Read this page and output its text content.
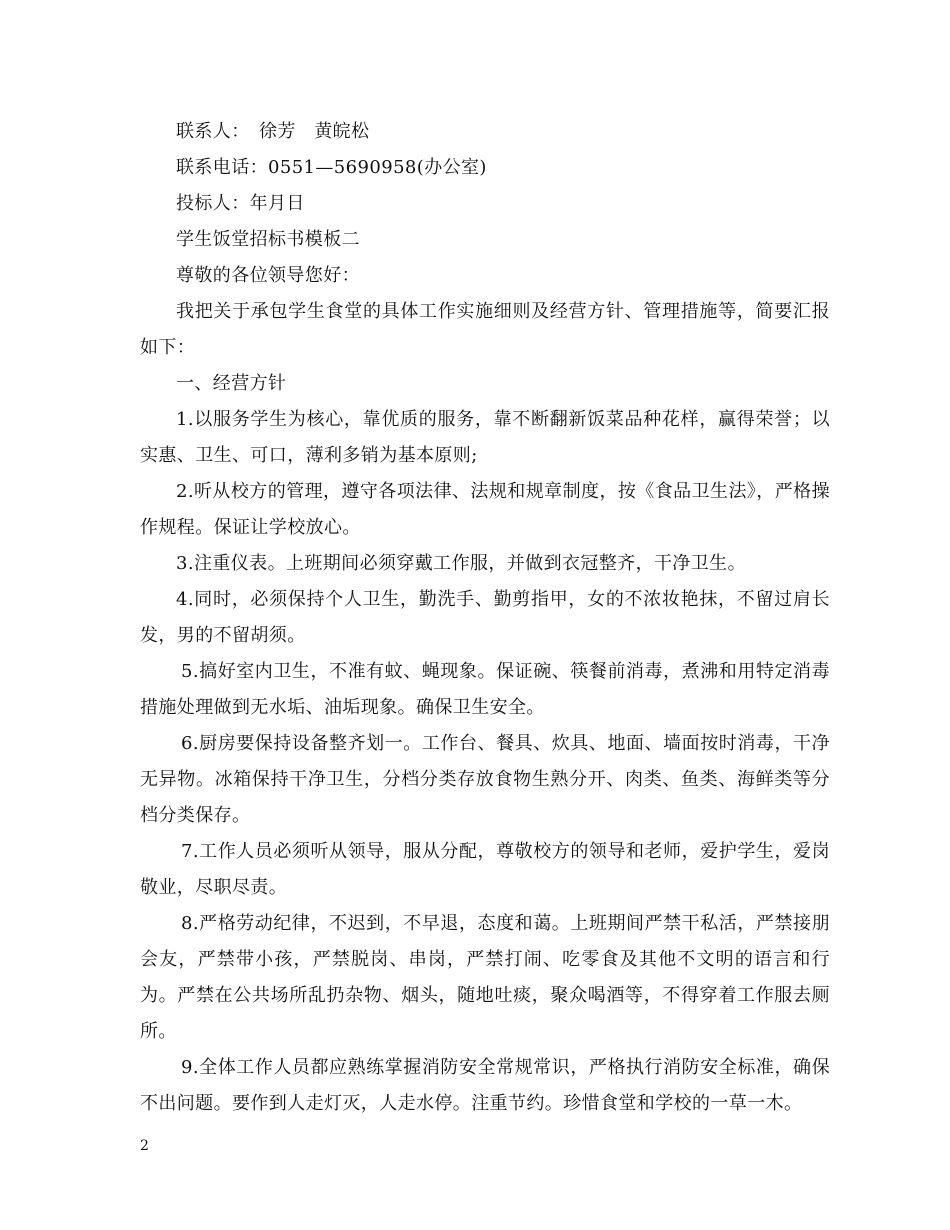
联系人：　徐芳　黄皖松

联系电话：0551—5690958(办公室)

投标人：年月日

学生饭堂招标书模板二

尊敬的各位领导您好：

我把关于承包学生食堂的具体工作实施细则及经营方针、管理措施等，简要汇报如下：

一、经营方针

1.以服务学生为核心，靠优质的服务，靠不断翻新饭菜品种花样，赢得荣誉；以实惠、卫生、可口，薄利多销为基本原则;

2.听从校方的管理，遵守各项法律、法规和规章制度，按《食品卫生法》，严格操作规程。保证让学校放心。

3.注重仪表。上班期间必须穿戴工作服，并做到衣冠整齐，干净卫生。

4.同时，必须保持个人卫生，勤洗手、勤剪指甲，女的不浓妆艳抹，不留过肩长发，男的不留胡须。

5.搞好室内卫生，不准有蚊、蝇现象。保证碗、筷餐前消毒，煮沸和用特定消毒措施处理做到无水垢、油垢现象。确保卫生安全。

6.厨房要保持设备整齐划一。工作台、餐具、炊具、地面、墙面按时消毒，干净无异物。冰箱保持干净卫生，分档分类存放食物生熟分开、肉类、鱼类、海鲜类等分档分类保存。

7.工作人员必须听从领导，服从分配，尊敬校方的领导和老师，爱护学生，爱岗敬业，尽职尽责。

8.严格劳动纪律，不迟到，不早退，态度和蔼。上班期间严禁干私活，严禁接朋会友，严禁带小孩，严禁脱岗、串岗，严禁打闹、吃零食及其他不文明的语言和行为。严禁在公共场所乱扔杂物、烟头，随地吐痰，聚众喝酒等，不得穿着工作服去厕所。

9.全体工作人员都应熟练掌握消防安全常规常识，严格执行消防安全标准，确保不出问题。要作到人走灯灭，人走水停。注重节约。珍惜食堂和学校的一草一木。

2
